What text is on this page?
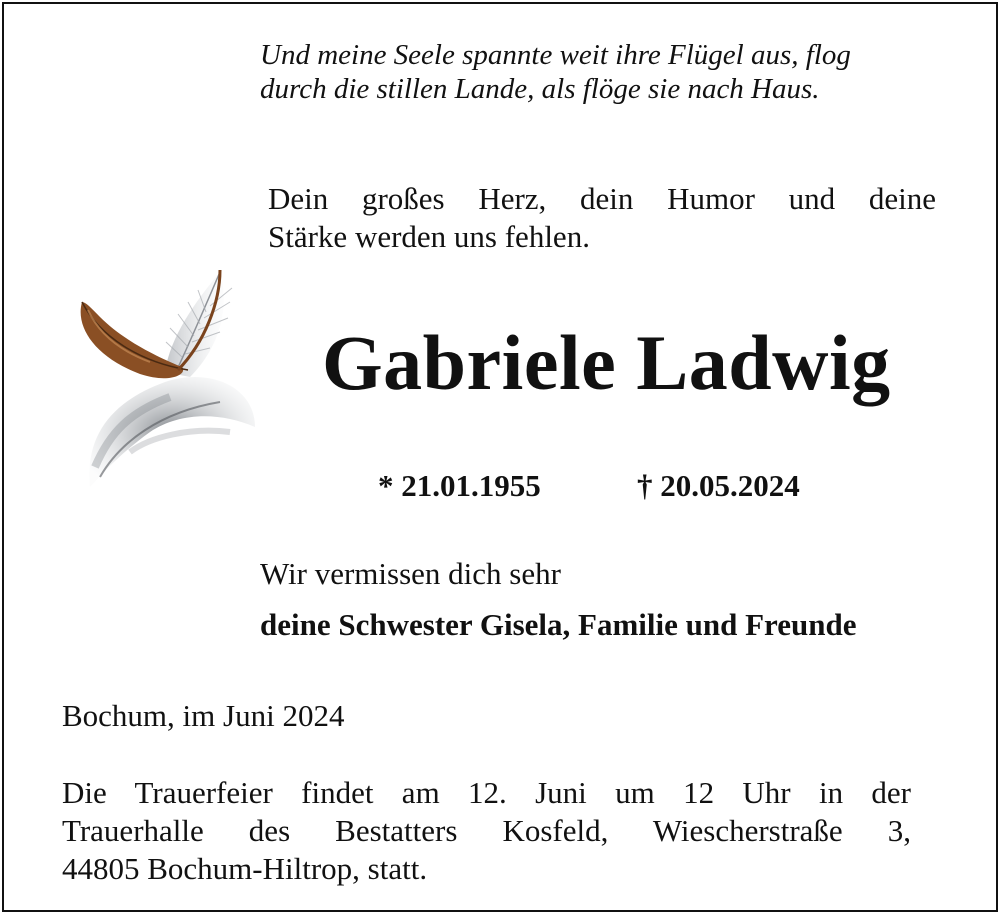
Und meine Seele spannte weit ihre Flügel aus, flog
durch die stillen Lande, als flöge sie nach Haus.
Dein großes Herz, dein Humor und deine
Stärke werden uns fehlen.
Gabriele Ladwig
* 21.01.1955	† 20.05.2024
Wir vermissen dich sehr
deine Schwester Gisela, Familie und Freunde
Bochum, im Juni 2024
Die Trauerfeier findet am 12. Juni um 12 Uhr in der
Trauerhalle des Bestatters Kosfeld, Wiescherstraße 3,
44805 Bochum-Hiltrop, statt.
